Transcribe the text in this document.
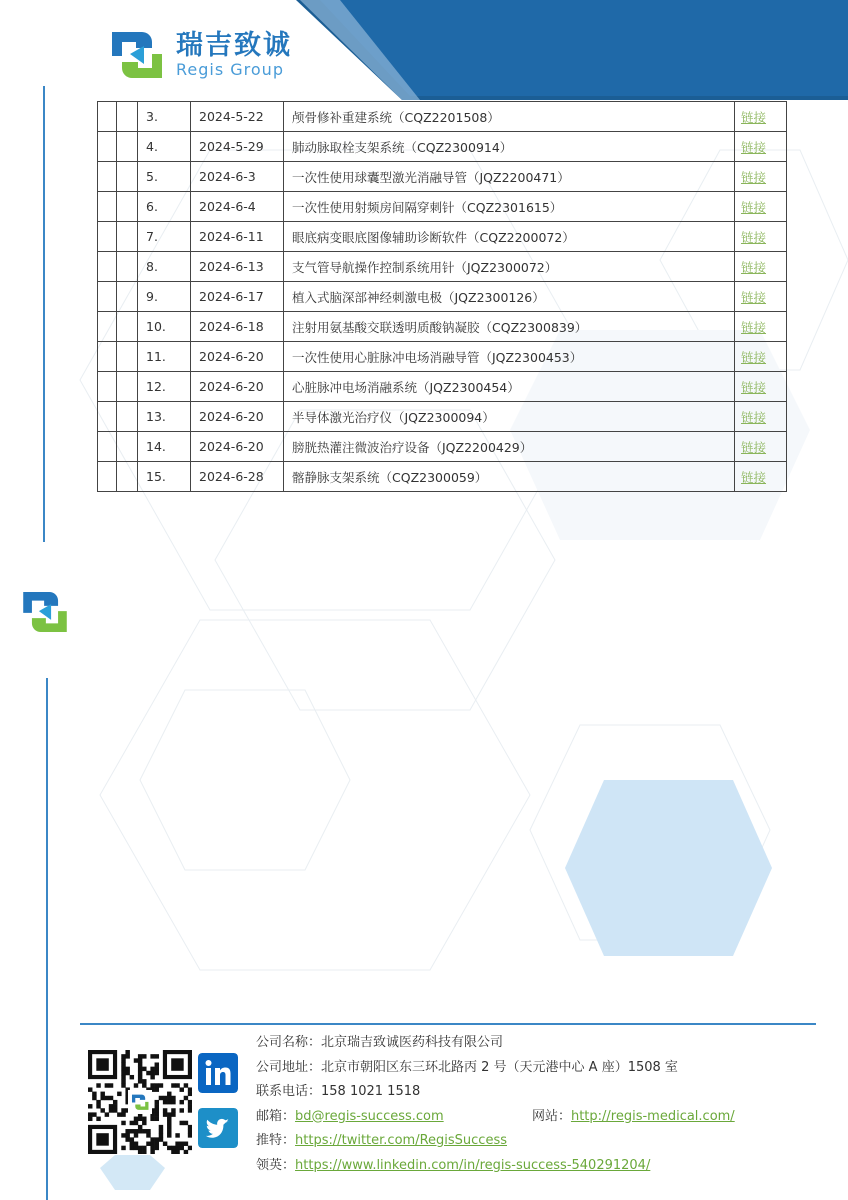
瑞吉致诚
Regis Group
		3.	2024-5-22	颅骨修补重建系统（CQZ2201508）	链接
		4.	2024-5-29	肺动脉取栓支架系统（CQZ2300914）	链接
		5.	2024-6-3	一次性使用球囊型激光消融导管（JQZ2200471）	链接
		6.	2024-6-4	一次性使用射频房间隔穿刺针（CQZ2301615）	链接
		7.	2024-6-11	眼底病变眼底图像辅助诊断软件（CQZ2200072）	链接
		8.	2024-6-13	支气管导航操作控制系统用针（JQZ2300072）	链接
		9.	2024-6-17	植入式脑深部神经刺激电极（JQZ2300126）	链接
		10.	2024-6-18	注射用氨基酸交联透明质酸钠凝胶（CQZ2300839）	链接
		11.	2024-6-20	一次性使用心脏脉冲电场消融导管（JQZ2300453）	链接
		12.	2024-6-20	心脏脉冲电场消融系统（JQZ2300454）	链接
		13.	2024-6-20	半导体激光治疗仪（JQZ2300094）	链接
		14.	2024-6-20	膀胱热灌注微波治疗设备（JQZ2200429）	链接
		15.	2024-6-28	髂静脉支架系统（CQZ2300059）	链接
公司名称：北京瑞吉致诚医药科技有限公司
公司地址：北京市朝阳区东三环北路丙 2 号（天元港中心 A 座）1508 室
联系电话：158 1021 1518
邮箱：bd@regis-success.com	网站：http://regis-medical.com/
推特：https://twitter.com/RegisSuccess
领英：https://www.linkedin.com/in/regis-success-540291204/
